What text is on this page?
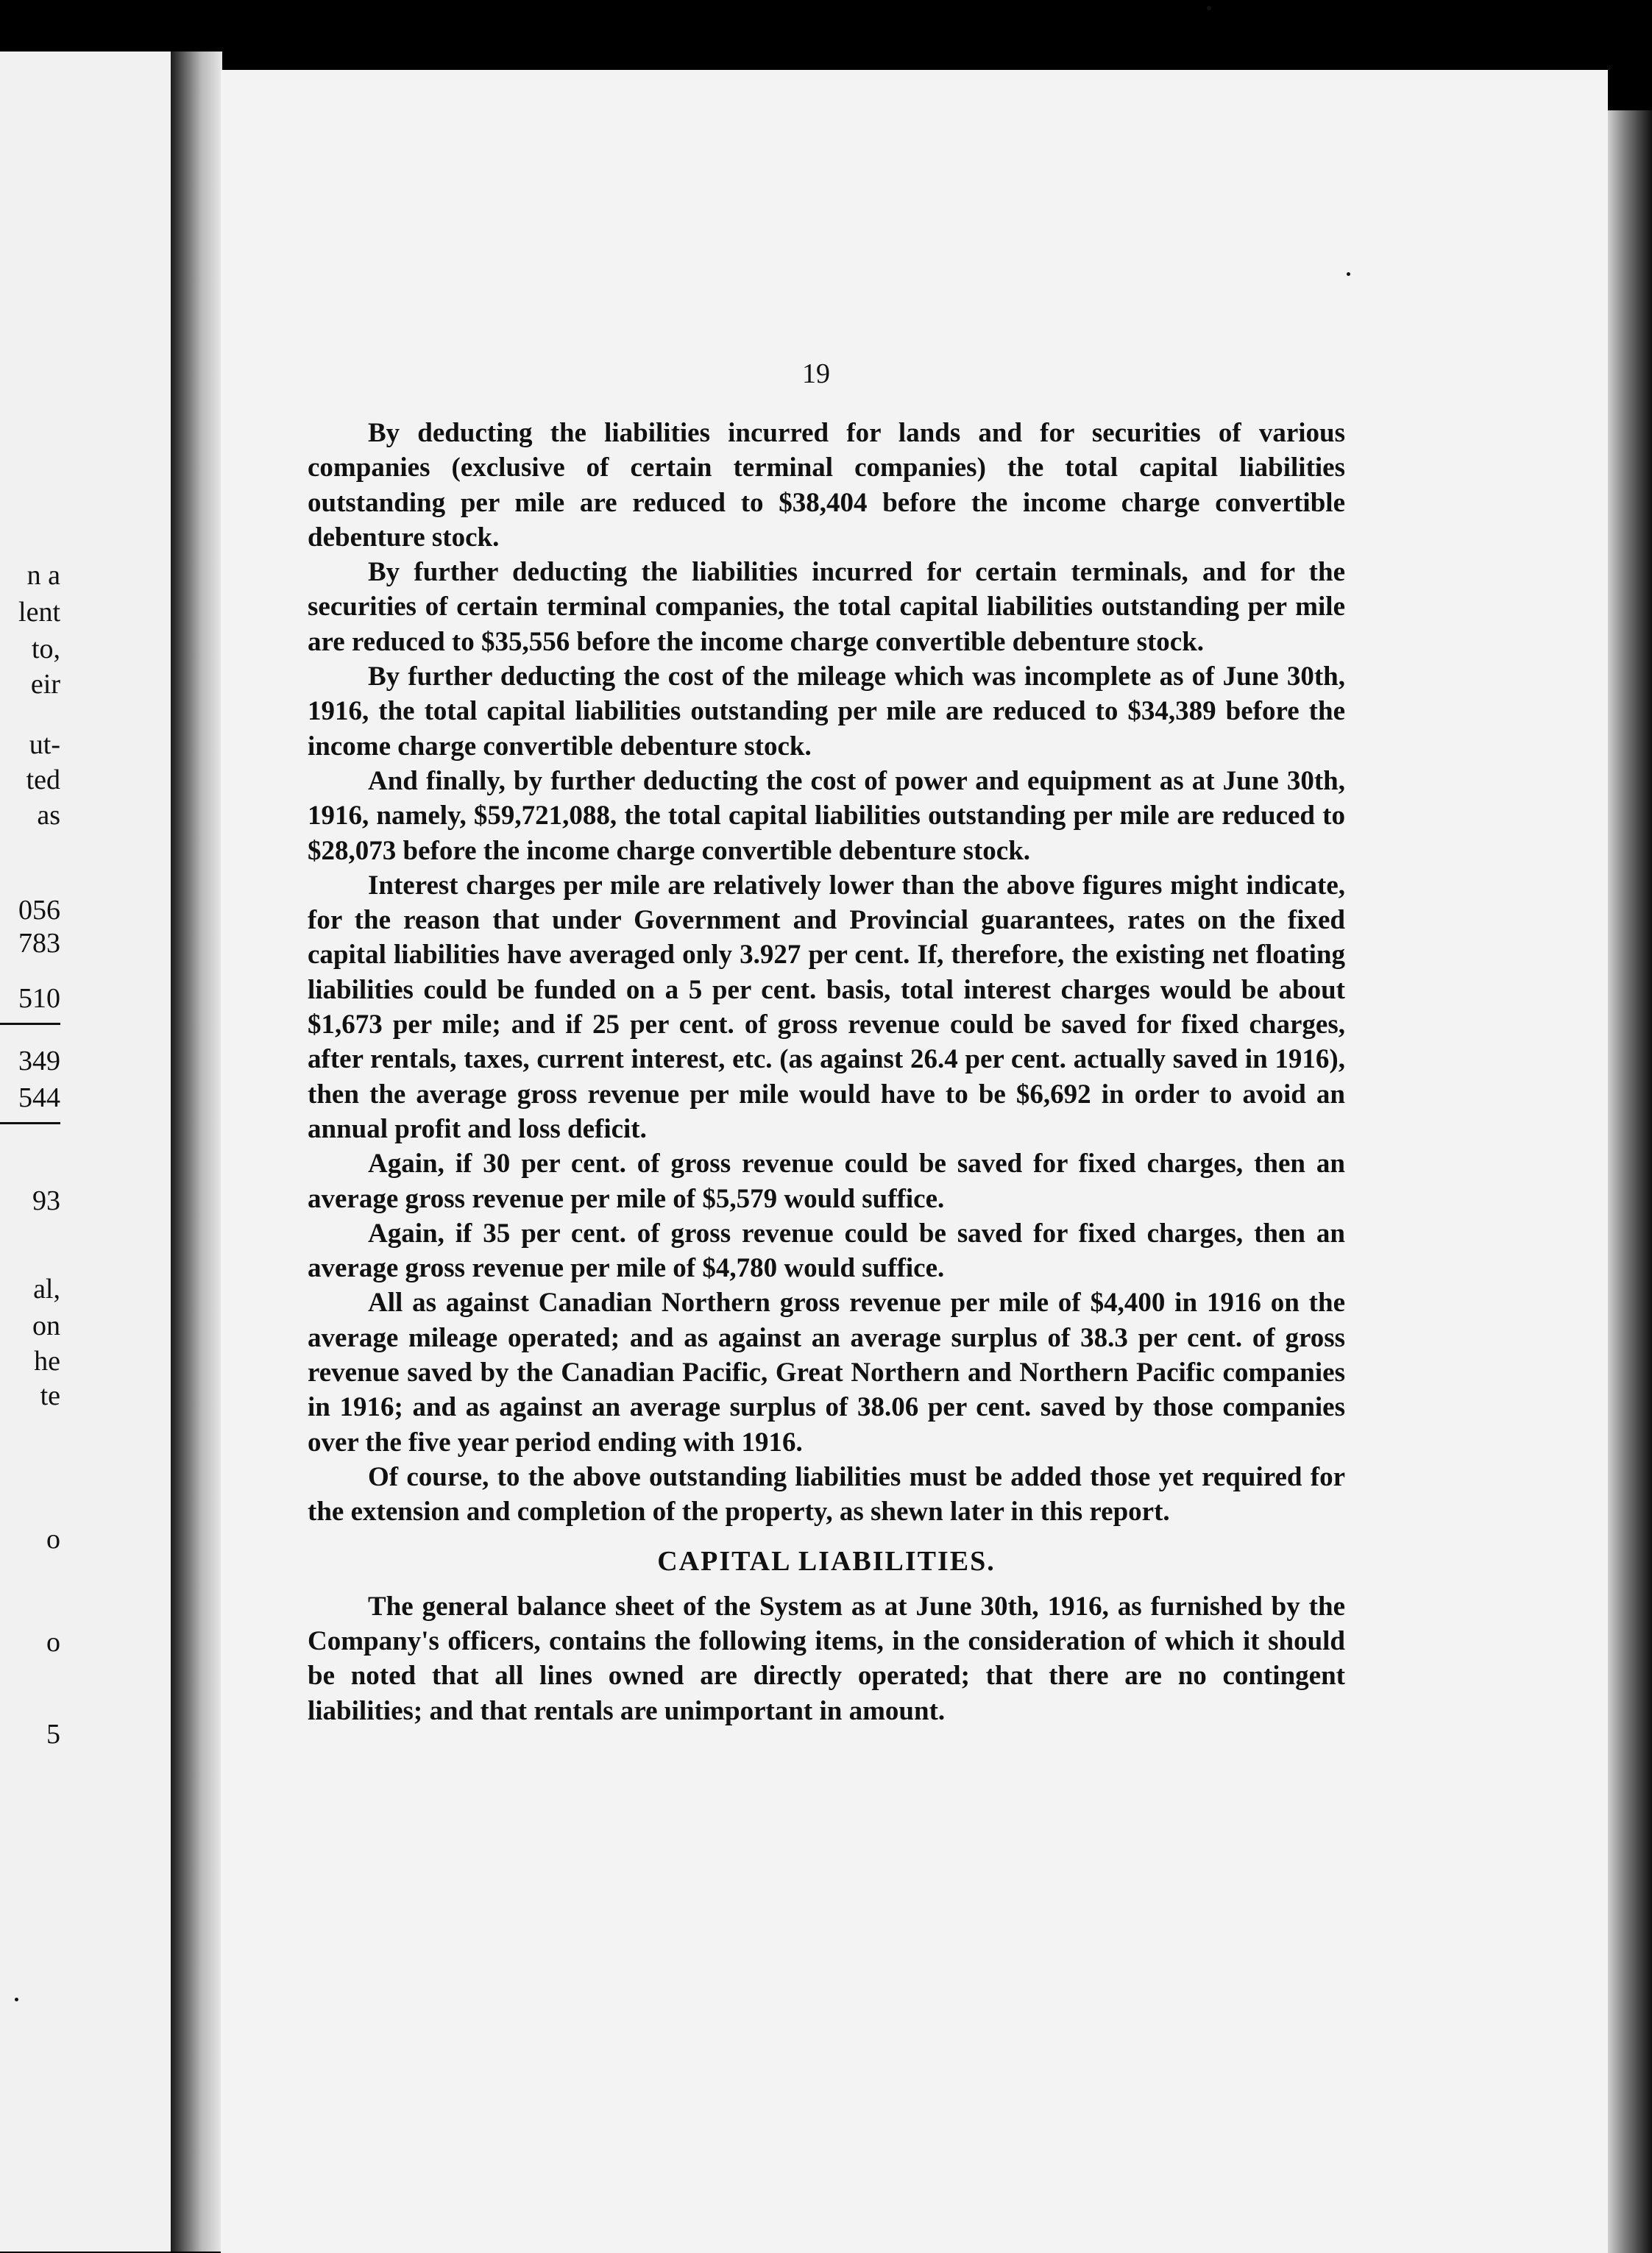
n a
lent
to,
eir
ut-
ted
as
056
783
510
349
544
93
al,
on
he
te
o
o
5
19

By deducting the liabilities incurred for lands and for securities of various companies (exclusive of certain terminal companies) the total capital liabilities outstanding per mile are reduced to $38,404 before the income charge convertible debenture stock.

By further deducting the liabilities incurred for certain terminals, and for the securities of certain terminal companies, the total capital liabilities outstanding per mile are reduced to $35,556 before the income charge convertible debenture stock.

By further deducting the cost of the mileage which was incomplete as of June 30th, 1916, the total capital liabilities outstanding per mile are reduced to $34,389 before the income charge convertible debenture stock.

And finally, by further deducting the cost of power and equipment as at June 30th, 1916, namely, $59,721,088, the total capital liabilities outstanding per mile are reduced to $28,073 before the income charge convertible debenture stock.

Interest charges per mile are relatively lower than the above figures might indicate, for the reason that under Government and Provincial guarantees, rates on the fixed capital liabilities have averaged only 3.927 per cent. If, therefore, the existing net floating liabilities could be funded on a 5 per cent. basis, total interest charges would be about $1,673 per mile; and if 25 per cent. of gross revenue could be saved for fixed charges, after rentals, taxes, current interest, etc. (as against 26.4 per cent. actually saved in 1916), then the average gross revenue per mile would have to be $6,692 in order to avoid an annual profit and loss deficit.

Again, if 30 per cent. of gross revenue could be saved for fixed charges, then an average gross revenue per mile of $5,579 would suffice.

Again, if 35 per cent. of gross revenue could be saved for fixed charges, then an average gross revenue per mile of $4,780 would suffice.

All as against Canadian Northern gross revenue per mile of $4,400 in 1916 on the average mileage operated; and as against an average surplus of 38.3 per cent. of gross revenue saved by the Canadian Pacific, Great Northern and Northern Pacific companies in 1916; and as against an average surplus of 38.06 per cent. saved by those companies over the five year period ending with 1916.

Of course, to the above outstanding liabilities must be added those yet required for the extension and completion of the property, as shewn later in this report.

CAPITAL LIABILITIES.

The general balance sheet of the System as at June 30th, 1916, as furnished by the Company's officers, contains the following items, in the consideration of which it should be noted that all lines owned are directly operated; that there are no contingent liabilities; and that rentals are unimportant in amount.
